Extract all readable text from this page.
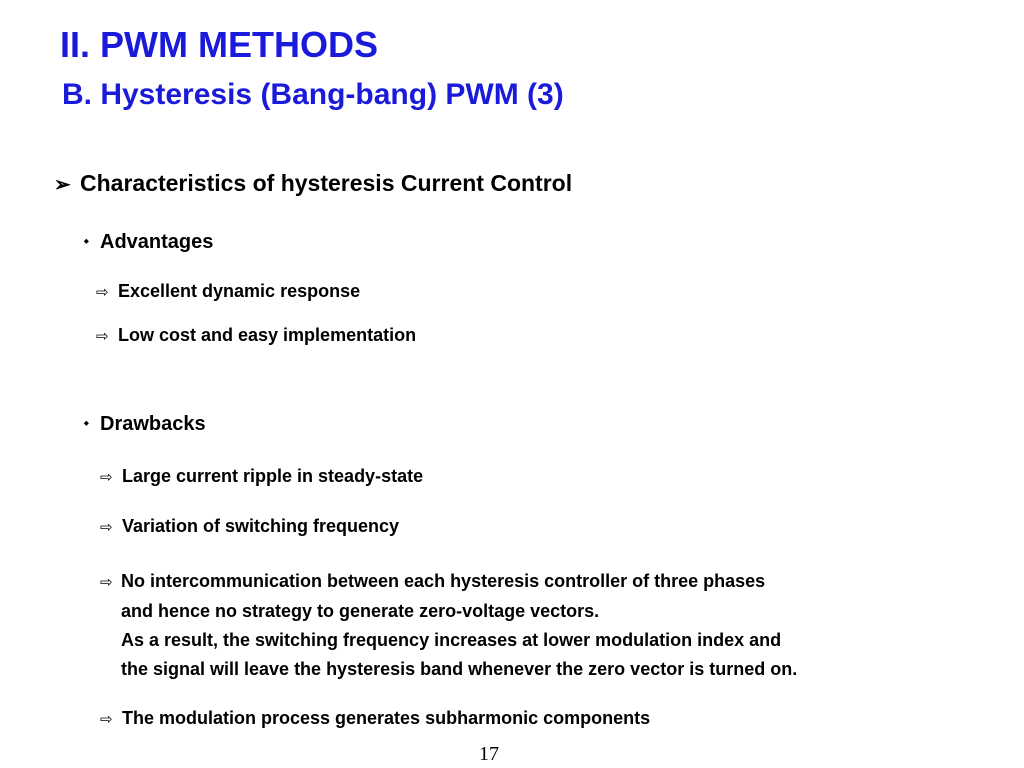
II. PWM METHODS
B. Hysteresis (Bang-bang) PWM (3)
➢ Characteristics of hysteresis Current Control
⬩ Advantages
⇨ Excellent dynamic response
⇨ Low cost and easy implementation
⬩ Drawbacks
⇨ Large current ripple in steady-state
⇨ Variation of switching frequency
⇨ No intercommunication between each hysteresis controller of three phases
and hence no strategy to generate zero-voltage vectors.
As a result, the switching frequency increases at lower modulation index and
the signal will leave the hysteresis band whenever the zero vector is turned on.
⇨ The modulation process generates subharmonic components
17
